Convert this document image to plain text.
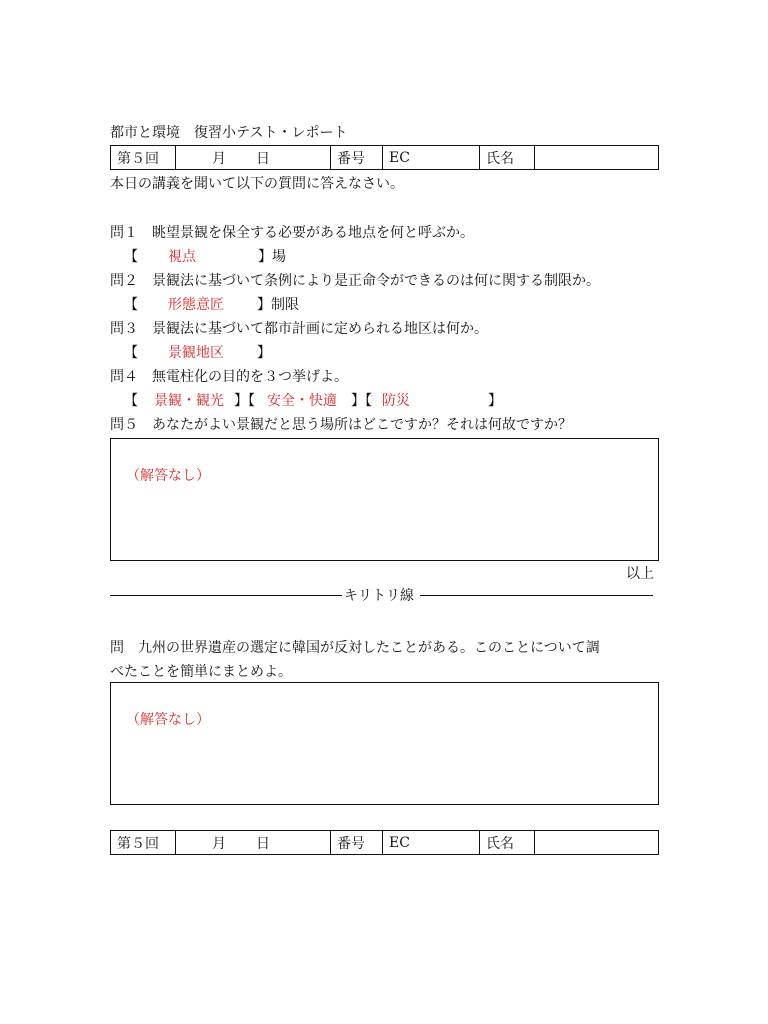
都市と環境　復習小テスト・レポート
第５回	月 日	番号	EC	氏名	
本日の講義を聞いて以下の質問に答えなさい。
問１ 眺望景観を保全する必要がある地点を何と呼ぶか。
【 視点	】場
問２ 景観法に基づいて条例により是正命令ができるのは何に関する制限か。
【 形態意匠 】制限
問３ 景観法に基づいて都市計画に定められる地区は何か。
【 景観地区 】
問４ 無電柱化の目的を３つ挙げよ。
【 景観・観光 】【 安全・快適 】【 防災	】
問５ あなたがよい景観だと思う場所はどこですか？それは何故ですか？
（解答なし）
以上
キリトリ線
問 九州の世界遺産の選定に韓国が反対したことがある。このことについて調
べたことを簡単にまとめよ。
（解答なし）
第５回	月 日	番号	EC	氏名	
